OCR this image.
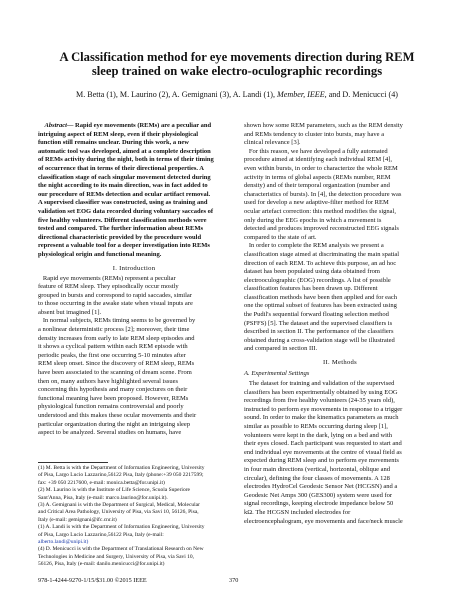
A Classification method for eye movements direction during REM
sleep trained on wake electro-oculographic recordings
M. Betta (1), M. Laurino (2), A. Gemignani (3), A. Landi (1), Member, IEEE, and D. Menicucci (4)
Abstract— Rapid eye movements (REMs) are a peculiar and
intriguing aspect of REM sleep, even if their physiological
function still remains unclear. During this work, a new
automatic tool was developed, aimed at a complete description
of REMs activity during the night, both in terms of their timing
of occurrence that in terms of their directional properties. A
classification stage of each singular movement detected during
the night according to its main direction, was in fact added to
our procedure of REMs detection and ocular artifact removal.
A supervised classifier was constructed, using as training and
validation set EOG data recorded during voluntary saccades of
five healthy volunteers. Different classification methods were
tested and compared. The further information about REMs
directional characteristic provided by the procedure would
represent a valuable tool for a deeper investigation into REMs
physiological origin and functional meaning.
I. Introduction
Rapid eye movements (REMs) represent a peculiar
feature of REM sleep. They episodically occur mostly
grouped in bursts and correspond to rapid saccades, similar
to those occurring in the awake state when visual inputs are
absent but imagined [1].
In normal subjects, REMs timing seems to be governed by
a nonlinear deterministic process [2]; moreover, their time
density increases from early to late REM sleep episodes and
it shows a cyclical pattern within each REM episode with
periodic peaks, the first one occurring 5-10 minutes after
REM sleep onset. Since the discovery of REM sleep, REMs
have been associated to the scanning of dream scene. From
then on, many authors have highlighted several issues
concerning this hypothesis and many conjectures on their
functional meaning have been proposed. However, REMs
physiological function remains controversial and poorly
understood and this makes these ocular movements and their
particular organization during the night an intriguing sleep
aspect to be analyzed. Several studies on humans, have
(1) M. Betta is with the Department of Information Engineering, University
of Pisa, Largo Lucio Lazzarino,56122 Pisa, Italy (phone:+39 050 2217599;
fax: +39 050 2217600, e-mail: monica.betta@for.unipi.it)
(2) M. Laurino is with the Institute of Life Science, Scuola Superiore
Sant'Anna, Pisa, Italy (e-mail: marco.laurino@for.unipi.it).
(3) A. Gemignani is with the Department of Surgical, Medical, Molecular
and Critical Area Pathology, University of Pisa, via Savi 10, 56126, Pisa,
Italy (e-mail: gemignani@ifc.cnr.it)
(1) A. Landi is with the Department of Information Engineering, University
of Pisa, Largo Lucio Lazzarino,56122 Pisa, Italy (e-mail:
alberto.landi@unipi.it)
(4) D. Menicucci is with the Department of Translational Research on New
Technologies in Medicine and Surgery, University of Pisa, via Savi 10,
56126, Pisa, Italy (e-mail: danilo.menicucci@for.unipi.it)
shown how some REM parameters, such as the REM density
and REMs tendency to cluster into bursts, may have a
clinical relevance [3].
For this reason, we have developed a fully automated
procedure aimed at identifying each individual REM [4],
even within bursts, in order to characterize the whole REM
activity in terms of global aspects (REMs number, REM
density) and of their temporal organization (number and
characteristics of bursts). In [4], the detection procedure was
used for develop a new adaptive-filter method for REM
ocular artefact correction: this method modifies the signal,
only during the EEG epochs in which a movement is
detected and produces improved reconstructed EEG signals
compared to the state of art.
In order to complete the REM analysis we present a
classification stage aimed at discriminating the main spatial
direction of each REM. To achieve this purpose, an ad hoc
dataset has been populated using data obtained from
electrooculographic (EOG) recordings. A list of possible
classification features has been drawn up. Different
classification methods have been then applied and for each
one the optimal subset of features has been extracted using
the Pudil's sequential forward floating selection method
(PSFFS) [5]. The dataset and the supervised classifiers is
described in section II. The performance of the classifiers
obtained during a cross-validation stage will be illustrated
and compared in section III.
II. Methods
A. Experimental Settings
The dataset for training and validation of the supervised
classifiers has been experimentally obtained by using EOG
recordings from five healthy volunteers (24-35 years old),
instructed to perform eye movements in response to a trigger
sound. In order to make the kinematics parameters as much
similar as possible to REMs occurring during sleep [1],
volunteers were kept in the dark, lying on a bed and with
their eyes closed. Each participant was requested to start and
end individual eye movements at the centre of visual field as
expected during REM sleep and to perform eye movements
in four main directions (vertical, horizontal, oblique and
circular), defining the four classes of movements. A 128
electrodes HydroCel Geodesic Sensor Net (HCGSN) and a
Geodesic Net Amps 300 (GES300) system were used for
signal recordings, keeping electrode impedance below 50
kΩ. The HCGSN included electrodes for
electroencephalogram, eye movements and face/neck muscle
978-1-4244-9270-1/15/$31.00 ©2015 IEEE	370
